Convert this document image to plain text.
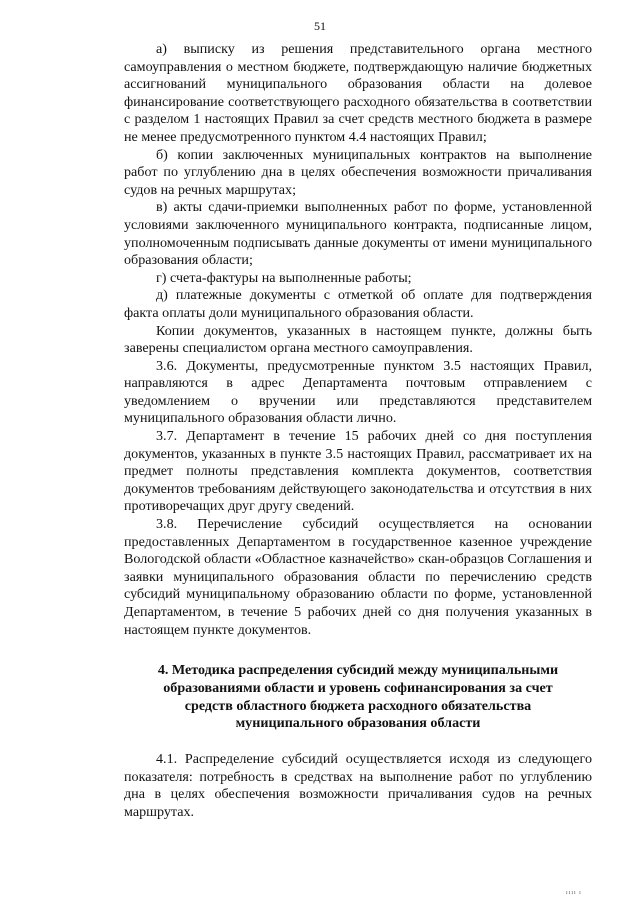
51

а) выписку из решения представительного органа местного самоуправления о местном бюджете, подтверждающую наличие бюджетных ассигнований муниципального образования области на долевое финансирование соответствующего расходного обязательства в соответствии с разделом 1 настоящих Правил за счет средств местного бюджета в размере не менее предусмотренного пунктом 4.4 настоящих Правил;

б) копии заключенных муниципальных контрактов на выполнение работ по углублению дна в целях обеспечения возможности причаливания судов на речных маршрутах;

в) акты сдачи-приемки выполненных работ по форме, установленной условиями заключенного муниципального контракта, подписанные лицом, уполномоченным подписывать данные документы от имени муниципального образования области;

г) счета-фактуры на выполненные работы;

д) платежные документы с отметкой об оплате для подтверждения факта оплаты доли муниципального образования области.

Копии документов, указанных в настоящем пункте, должны быть заверены специалистом органа местного самоуправления.

3.6. Документы, предусмотренные пунктом 3.5 настоящих Правил, направляются в адрес Департамента почтовым отправлением с уведомлением о вручении или представляются представителем муниципального образования области лично.

3.7. Департамент в течение 15 рабочих дней со дня поступления документов, указанных в пункте 3.5 настоящих Правил, рассматривает их на предмет полноты представления комплекта документов, соответствия документов требованиям действующего законодательства и отсутствия в них противоречащих друг другу сведений.

3.8. Перечисление субсидий осуществляется на основании предоставленных Департаментом в государственное казенное учреждение Вологодской области «Областное казначейство» скан-образцов Соглашения и заявки муниципального образования области по перечислению средств субсидий муниципальному образованию области по форме, установленной Департаментом, в течение 5 рабочих дней со дня получения указанных в настоящем пункте документов.

4. Методика распределения субсидий между муниципальными

образованиями области и уровень софинансирования за счет

средств областного бюджета расходного обязательства

муниципального образования области

4.1. Распределение субсидий осуществляется исходя из следующего показателя: потребность в средствах на выполнение работ по углублению дна в целях обеспечения возможности причаливания судов на речных маршрутах.

ıııı ı
